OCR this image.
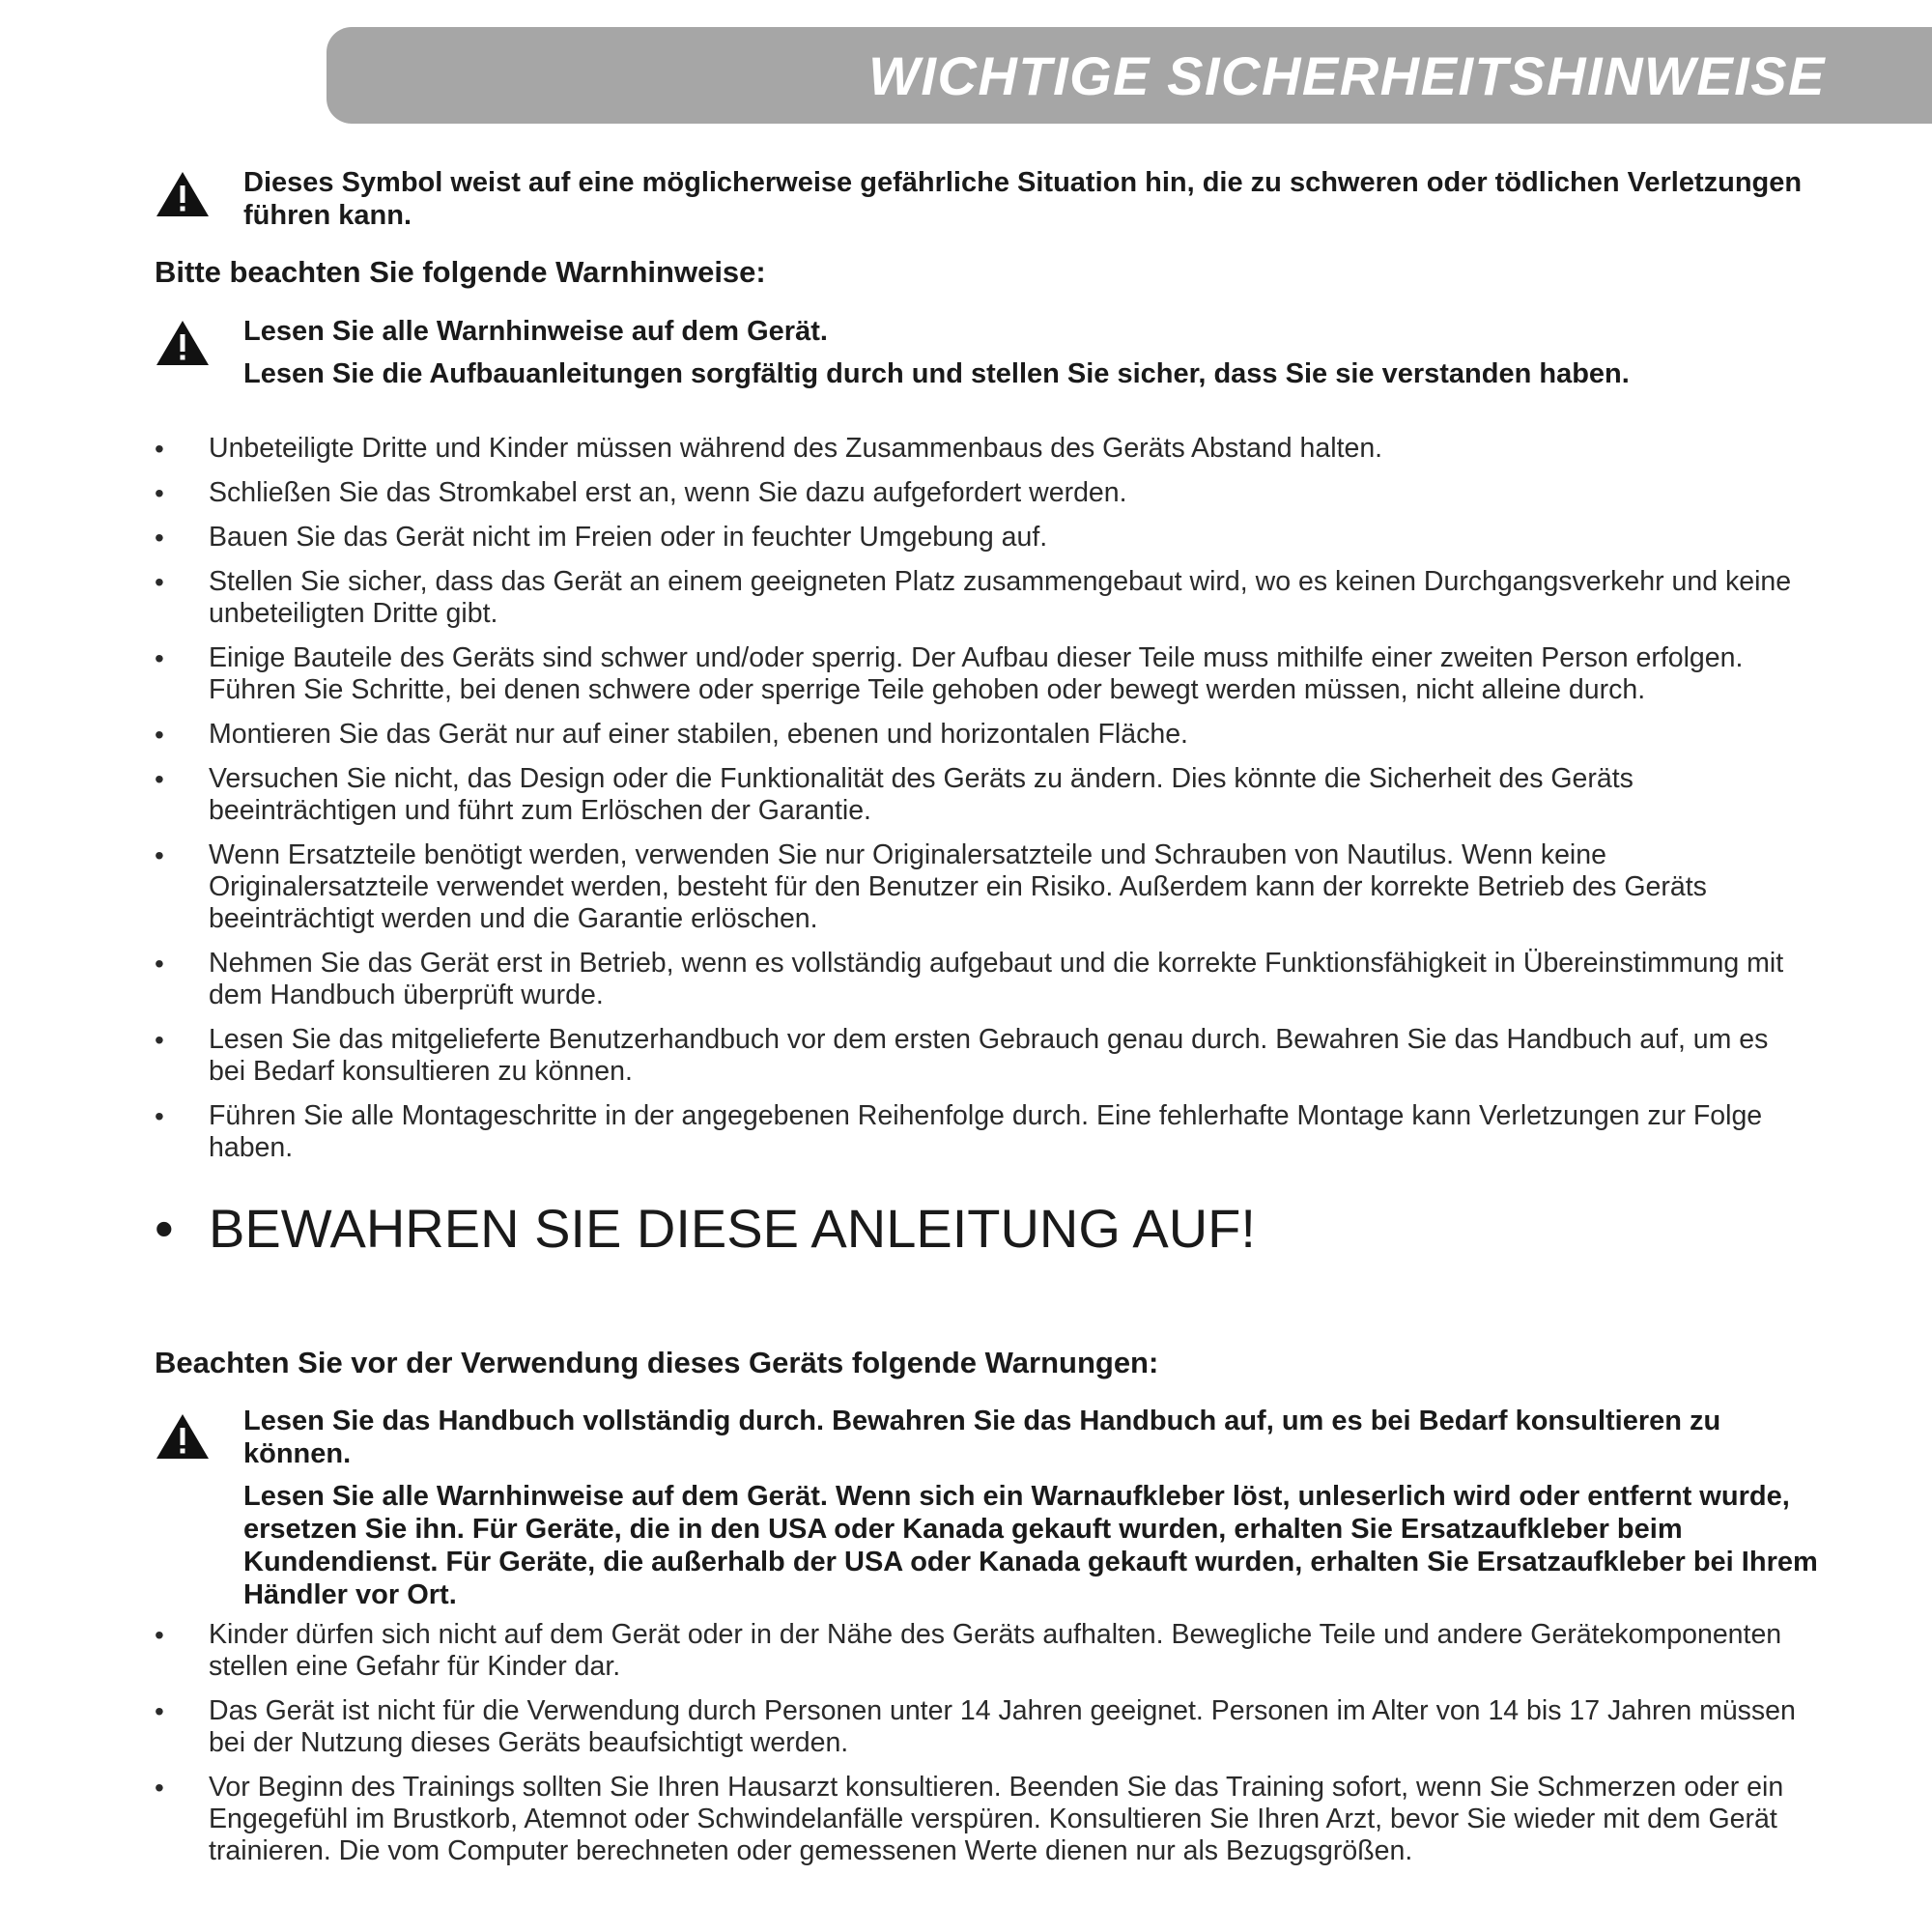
WICHTIGE SICHERHEITSHINWEISE

Dieses Symbol weist auf eine möglicherweise gefährliche Situation hin, die zu schweren oder tödlichen Verletzungen führen kann.

Bitte beachten Sie folgende Warnhinweise:

Lesen Sie alle Warnhinweise auf dem Gerät.

Lesen Sie die Aufbauanleitungen sorgfältig durch und stellen Sie sicher, dass Sie sie verstanden haben.

• Unbeteiligte Dritte und Kinder müssen während des Zusammenbaus des Geräts Abstand halten.
• Schließen Sie das Stromkabel erst an, wenn Sie dazu aufgefordert werden.
• Bauen Sie das Gerät nicht im Freien oder in feuchter Umgebung auf.
• Stellen Sie sicher, dass das Gerät an einem geeigneten Platz zusammengebaut wird, wo es keinen Durchgangsverkehr und keine unbeteiligten Dritte gibt.
• Einige Bauteile des Geräts sind schwer und/oder sperrig. Der Aufbau dieser Teile muss mithilfe einer zweiten Person erfolgen. Führen Sie Schritte, bei denen schwere oder sperrige Teile gehoben oder bewegt werden müssen, nicht alleine durch.
• Montieren Sie das Gerät nur auf einer stabilen, ebenen und horizontalen Fläche.
• Versuchen Sie nicht, das Design oder die Funktionalität des Geräts zu ändern. Dies könnte die Sicherheit des Geräts beeinträchtigen und führt zum Erlöschen der Garantie.
• Wenn Ersatzteile benötigt werden, verwenden Sie nur Originalersatzteile und Schrauben von Nautilus. Wenn keine Originalersatzteile verwendet werden, besteht für den Benutzer ein Risiko. Außerdem kann der korrekte Betrieb des Geräts beeinträchtigt werden und die Garantie erlöschen.
• Nehmen Sie das Gerät erst in Betrieb, wenn es vollständig aufgebaut und die korrekte Funktionsfähigkeit in Übereinstimmung mit dem Handbuch überprüft wurde.
• Lesen Sie das mitgelieferte Benutzerhandbuch vor dem ersten Gebrauch genau durch. Bewahren Sie das Handbuch auf, um es bei Bedarf konsultieren zu können.
• Führen Sie alle Montageschritte in der angegebenen Reihenfolge durch. Eine fehlerhafte Montage kann Verletzungen zur Folge haben.

• BEWAHREN SIE DIESE ANLEITUNG AUF!

Beachten Sie vor der Verwendung dieses Geräts folgende Warnungen:

Lesen Sie das Handbuch vollständig durch. Bewahren Sie das Handbuch auf, um es bei Bedarf konsultieren zu können.

Lesen Sie alle Warnhinweise auf dem Gerät. Wenn sich ein Warnaufkleber löst, unleserlich wird oder entfernt wurde, ersetzen Sie ihn. Für Geräte, die in den USA oder Kanada gekauft wurden, erhalten Sie Ersatzaufkleber beim Kundendienst. Für Geräte, die außerhalb der USA oder Kanada gekauft wurden, erhalten Sie Ersatzaufkleber bei Ihrem Händler vor Ort.

• Kinder dürfen sich nicht auf dem Gerät oder in der Nähe des Geräts aufhalten. Bewegliche Teile und andere Gerätekomponenten stellen eine Gefahr für Kinder dar.
• Das Gerät ist nicht für die Verwendung durch Personen unter 14 Jahren geeignet. Personen im Alter von 14 bis 17 Jahren müssen bei der Nutzung dieses Geräts beaufsichtigt werden.
• Vor Beginn des Trainings sollten Sie Ihren Hausarzt konsultieren. Beenden Sie das Training sofort, wenn Sie Schmerzen oder ein Engegefühl im Brustkorb, Atemnot oder Schwindelanfälle verspüren. Konsultieren Sie Ihren Arzt, bevor Sie wieder mit dem Gerät trainieren. Die vom Computer berechneten oder gemessenen Werte dienen nur als Bezugsgrößen.
